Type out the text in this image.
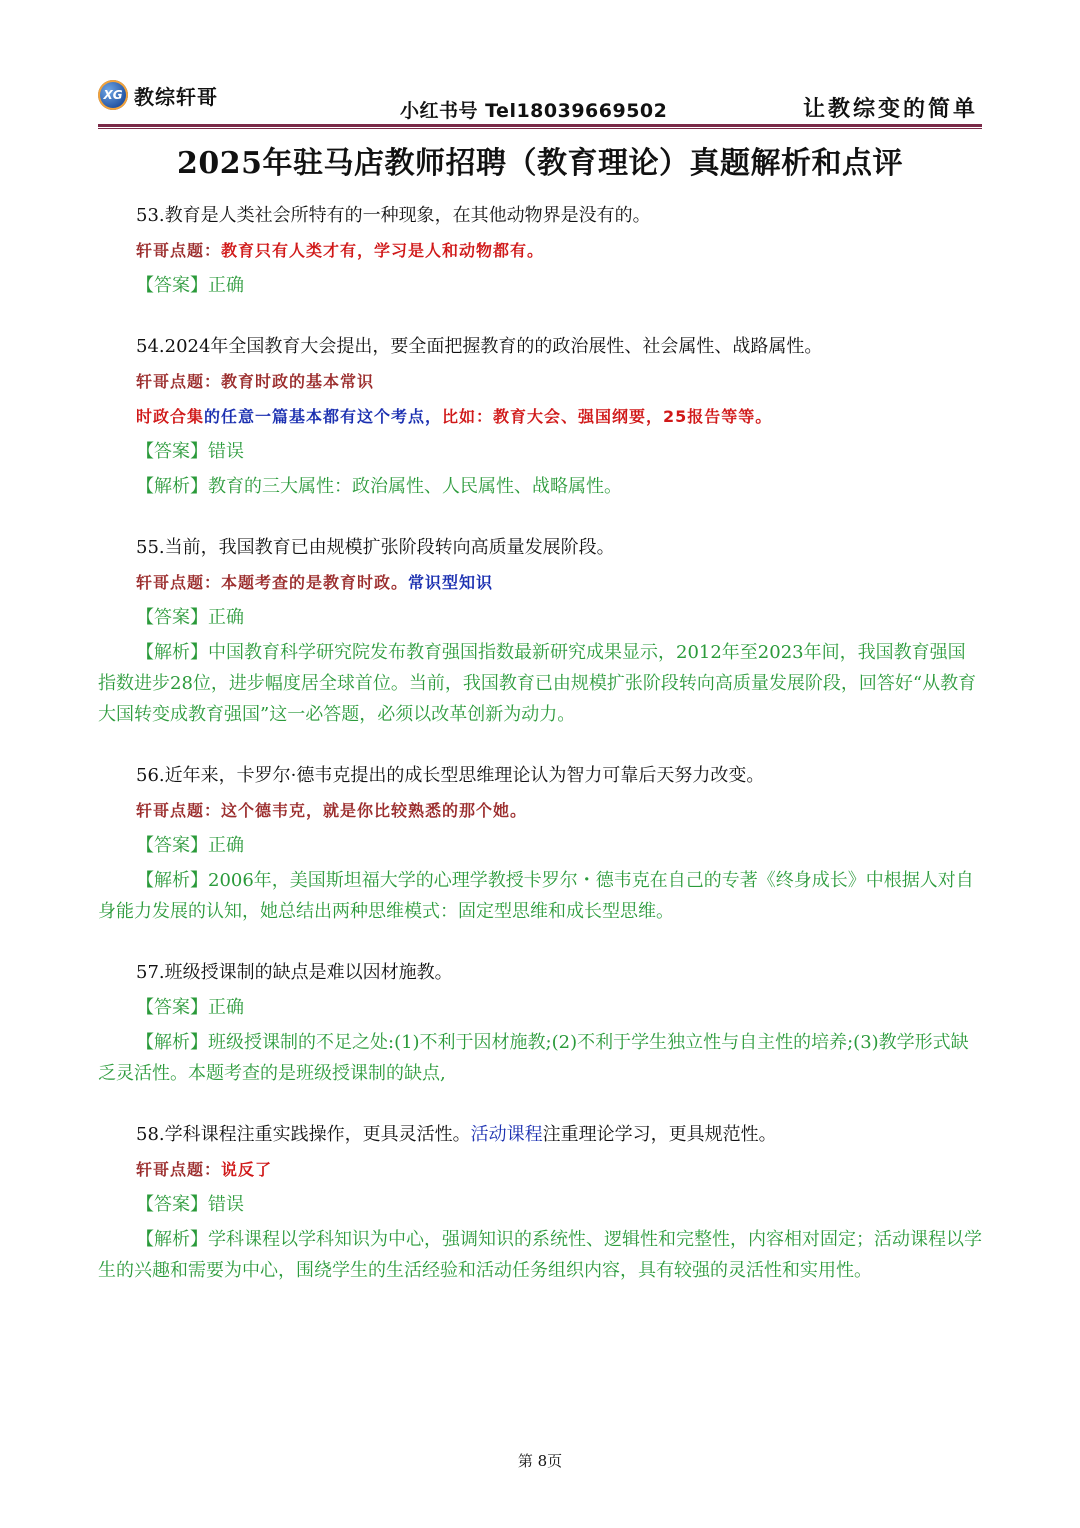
XG 教综轩哥
小红书号 Tel18039669502	让教综变的简单
2025年驻马店教师招聘（教育理论）真题解析和点评

53.教育是人类社会所特有的一种现象，在其他动物界是没有的。

轩哥点题：教育只有人类才有，学习是人和动物都有。

【答案】正确

54.2024年全国教育大会提出，要全面把握教育的的政治展性、社会属性、战路属性。

轩哥点题：教育时政的基本常识

时政合集的任意一篇基本都有这个考点，比如：教育大会、强国纲要，25报告等等。

【答案】错误

【解析】教育的三大属性：政治属性、人民属性、战略属性。

55.当前，我国教育已由规模扩张阶段转向高质量发展阶段。

轩哥点题：本题考查的是教育时政。常识型知识

【答案】正确

【解析】中国教育科学研究院发布教育强国指数最新研究成果显示，2012年至2023年间，我国教育强国指数进步28位，进步幅度居全球首位。当前，我国教育已由规模扩张阶段转向高质量发展阶段，回答好“从教育大国转变成教育强国”这一必答题，必须以改革创新为动力。

56.近年来，卡罗尔·德韦克提出的成长型思维理论认为智力可靠后天努力改变。

轩哥点题：这个德韦克，就是你比较熟悉的那个她。

【答案】正确

【解析】2006年，美国斯坦福大学的心理学教授卡罗尔・德韦克在自己的专著《终身成长》中根据人对自身能力发展的认知，她总结出两种思维模式：固定型思维和成长型思维。

57.班级授课制的缺点是难以因材施教。

【答案】正确

【解析】班级授课制的不足之处:(1)不利于因材施教;(2)不利于学生独立性与自主性的培养;(3)教学形式缺乏灵活性。本题考查的是班级授课制的缺点,

58.学科课程注重实践操作，更具灵活性。活动课程注重理论学习，更具规范性。

轩哥点题：说反了

【答案】错误

【解析】学科课程以学科知识为中心，强调知识的系统性、逻辑性和完整性，内容相对固定；活动课程以学生的兴趣和需要为中心，围绕学生的生活经验和活动任务组织内容，具有较强的灵活性和实用性。

第 8页
